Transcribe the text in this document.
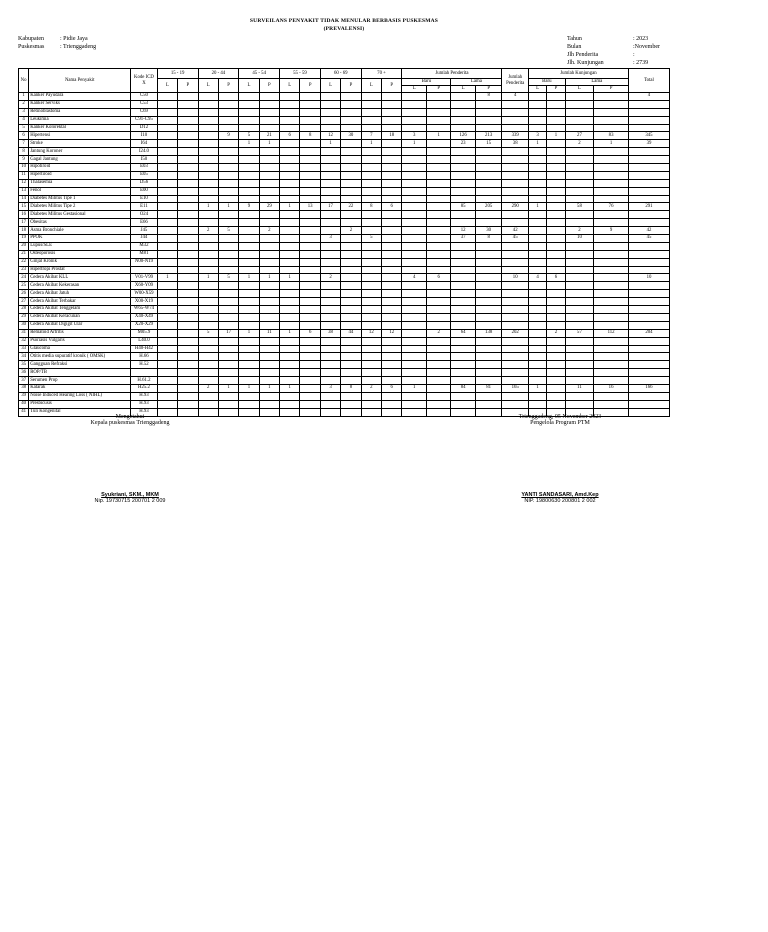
SURVEILANS PENYAKIT TIDAK MENULAR BERBASIS PUSKESMAS
(PREVALENSI)
Kabupaten	: Pidie Jaya
Puskesmas	: Trienggadeng
Tahun	: 2023
Bulan	:November
Jlh Penderita	:
Jlh. Kunjungan	: 2739
No	Nama Penyakit	Kode ICD X	15 - 19		20 - 44		45 - 54		55 - 59		60 - 69		70 +		Jumlah Penderita				Jumlah Penderita	Jumlah Kunjungan				Total
			L	P	L	P	L	P	L	P	L	P	L	P	Baru		Lama			Baru		Lama		
															L	P	L	P		L	P	L	P	
1	Kanker Payudara	C50																8	4					4
2	Kanker Serviks	C53																						
3	Retinoblastoma	C69																						
4	Leukimia	C91-C95																						
5	Kanker Kolorektal	D12																						
6	Hipertensi	I10				9	5	21	6	8	12	30	7	18	3	1	126	213	339	3	1	27	83	345
7	Stroke	I64					1	1			1		1		1		23	15	38	1		2	1	39
8	Jantung Koroner	I24.0																						
9	Gagal Jantung	I50																						
10	Hipotiroid	E03																						
11	Hipertiroid	E05																						
12	Thalasemia	D56																						
13	Fenol	E00																						
14	Diabetes Militus Tipe 1	E10																						
15	Diabetes Militus Tipe 2	E11			1	1	9	29	1	13	17	22	8	6			85	205	290	1		58	76	291
16	Diabetes Militus Gestasional	O24																						
17	Obesitas	E66																						
18	Asma Bronchiale	J45			2	5		2				2					12	30	42			2	9	42
19	PPOK	J44									3		5				37	8	45			10		45
20	Lupus/SLE	M32																						
21	Osteoporosis	M81																						
22	Ginjal Kronik	N00-N19																						
23	Hipertropi Prostat																							
24	Cedera Akibat KLL	V01-V99	1		1	5	1	1	1		2				4	6			10	4	6			10
25	Cedera Akibat Kekerasan	X60-Y09																						
26	Cedera Akibat Jatuh	W00-X59																						
27	Cedera Akibat Terbakar	X00-X19																						
28	Cedera Akibat Tenggelam	W65-W74																						
29	Cedera Akibat Keracunan	X40-X49																						
30	Cedera Akibat Digigit Ular	X20-X29																						
31	Rematoid Artritis	M05.9			5	17	1	11	1	6	38	44	12	12		2	64	138	202		2	57	112	204
32	Psoriasis Vulgaris	L40.0																						
33	Glaucoma	H40-H42																						
34	Otitis media supuratif kronik ( OMSK)	H.66																						
35	Gangguan Refraksi	H.52																						
36	ROP/TB																							
37	Serumen Prop	H.61.2																						
38	Katarak	H25.2			2	1	1	1	1		3	8	2	6	1		84	81	165	1		11	16	166
39	Noise Induced Hearing Loss ( NIHL)	H.93																						
40	Presbicusis	H.93																						
41	Tuli Kongenital	H.93																						
Mengetahui
Kepala puskesmas Trienggadeng
Syukriani, SKM., MKM
Nip. 19730715 200701 2 009
Trienggadeng, 05 November 2023
Pengelola Program PTM
YANTI SANDASARI, Amd.Kep
NIP. 19800630 200801 2 002
